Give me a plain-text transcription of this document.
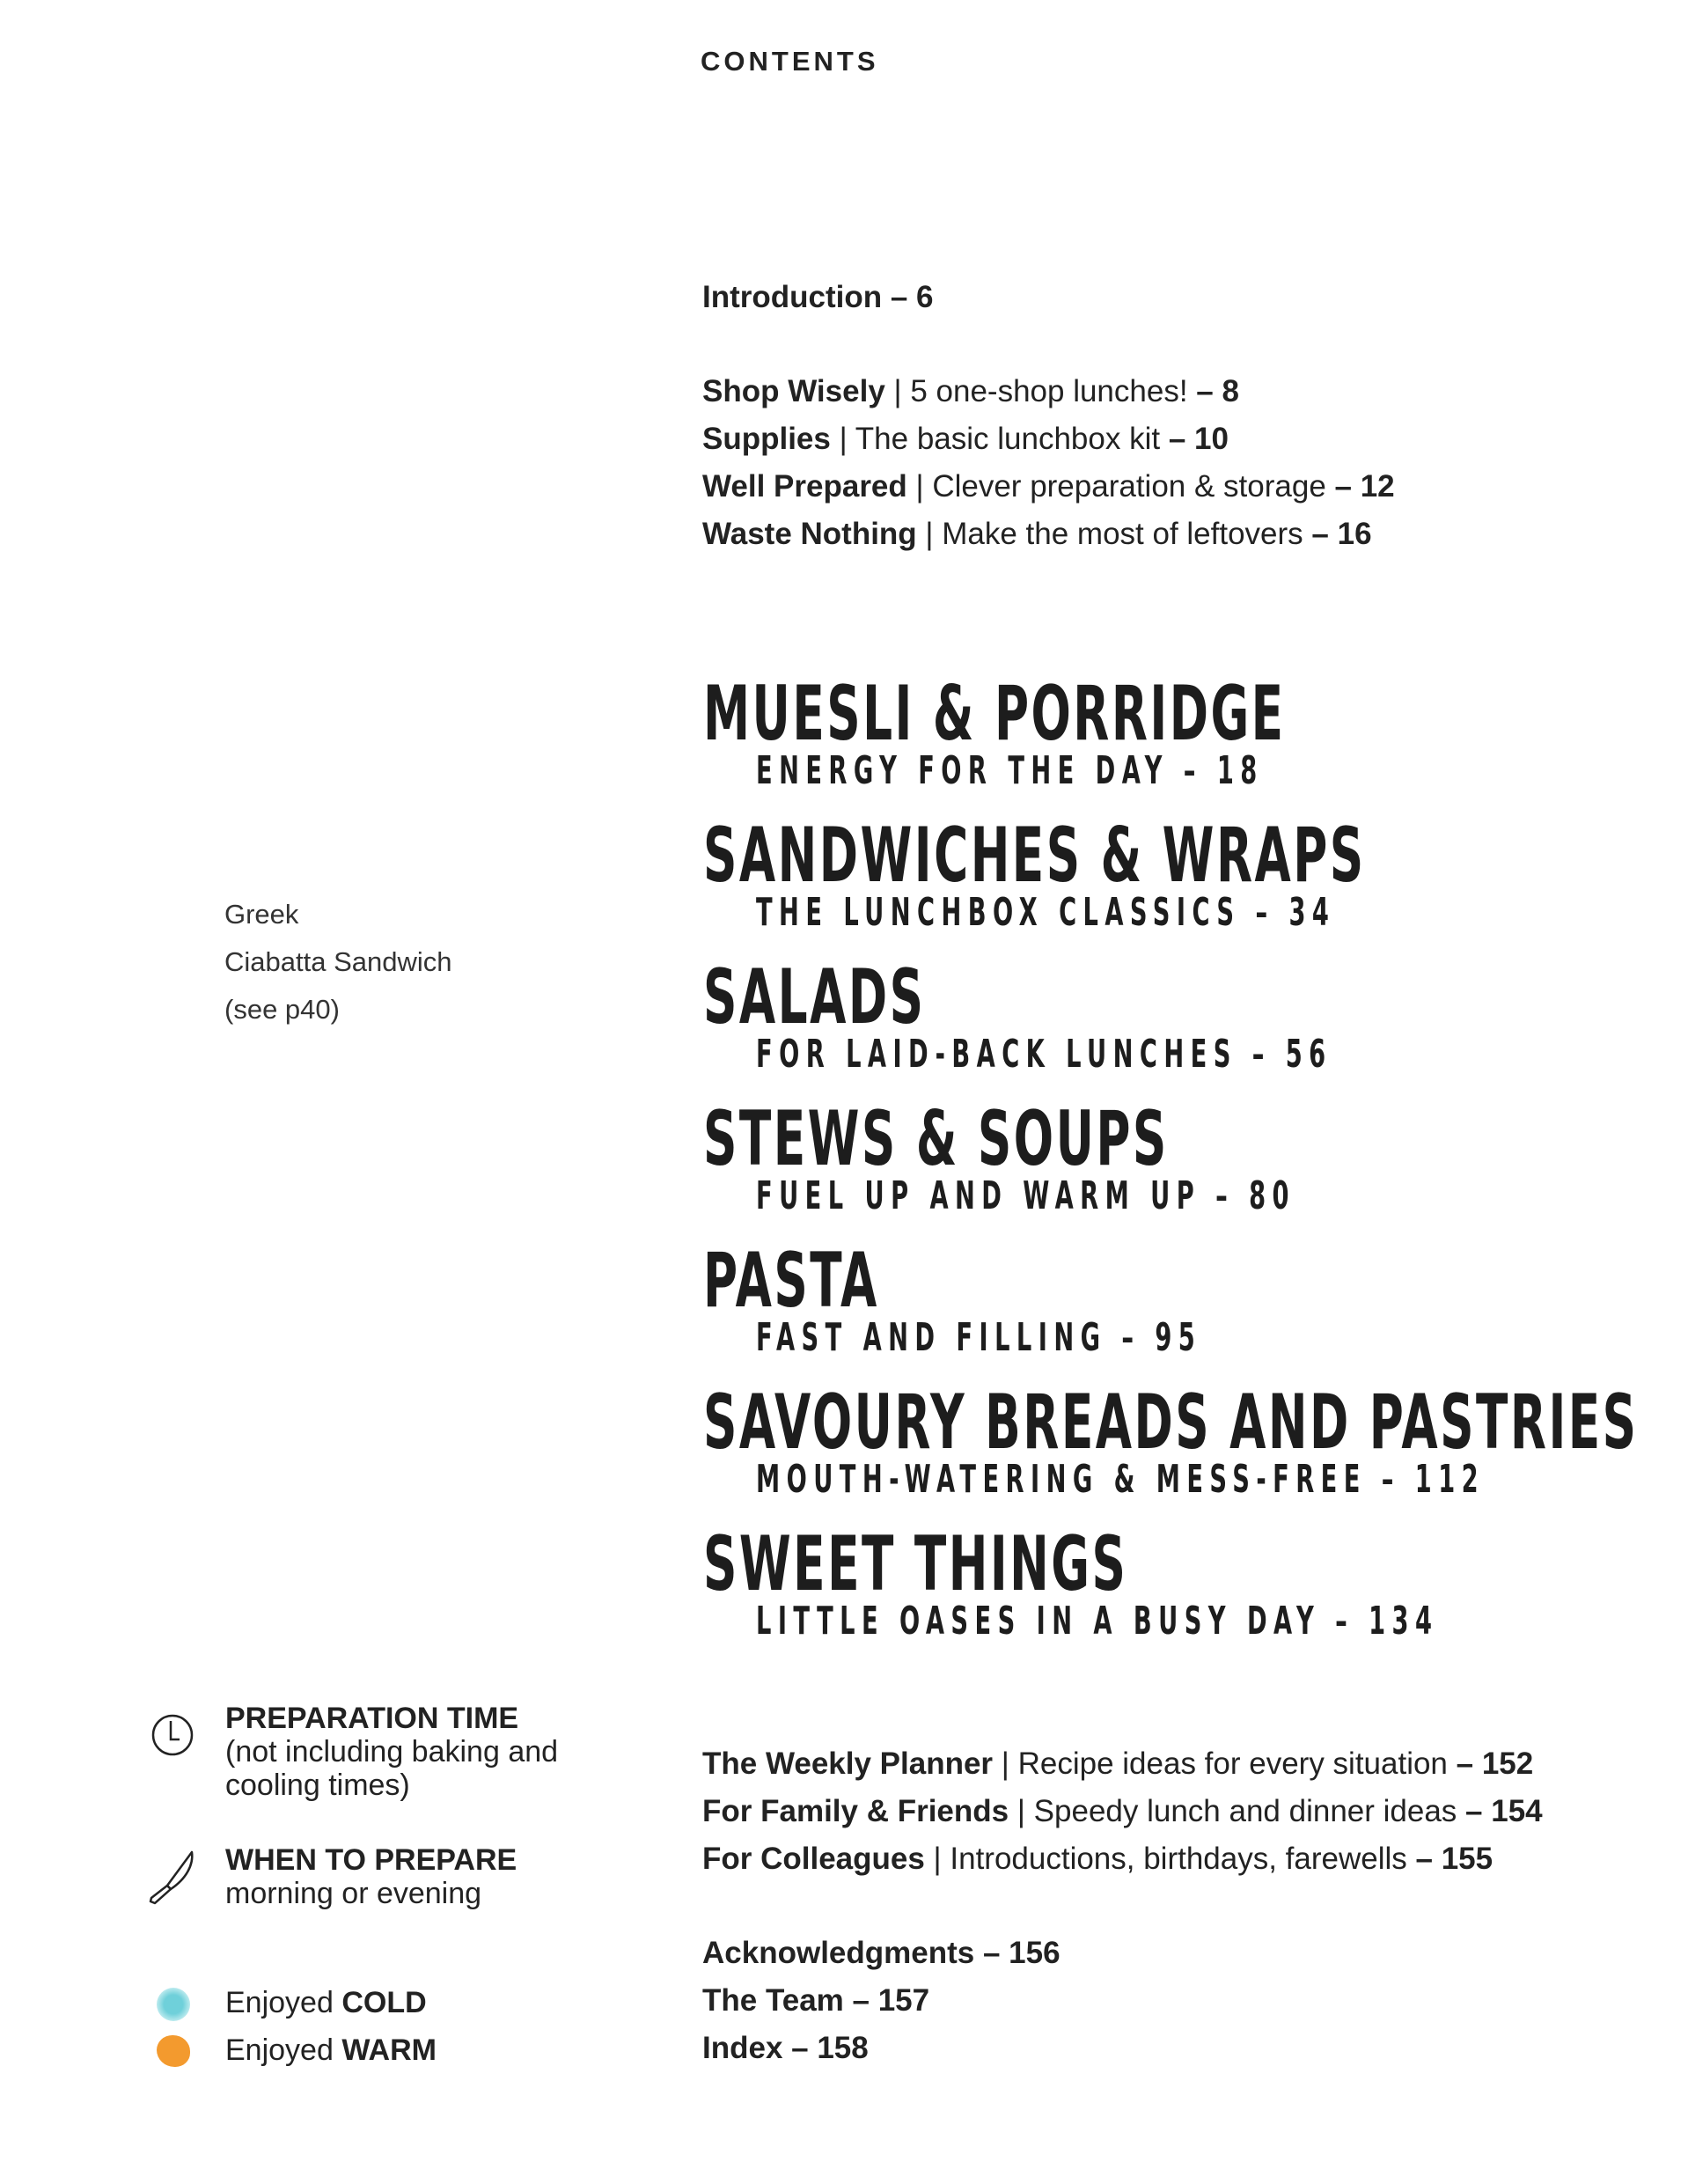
CONTENTS
Introduction – 6
Shop Wisely | 5 one-shop lunches! – 8
Supplies | The basic lunchbox kit – 10
Well Prepared | Clever preparation & storage – 12
Waste Nothing | Make the most of leftovers – 16
MUESLI & PORRIDGE
ENERGY FOR THE DAY – 18
SANDWICHES & WRAPS
THE LUNCHBOX CLASSICS – 34
SALADS
FOR LAID-BACK LUNCHES – 56
STEWS & SOUPS
FUEL UP AND WARM UP – 80
PASTA
FAST AND FILLING – 95
SAVOURY BREADS AND PASTRIES
MOUTH-WATERING & MESS-FREE – 112
SWEET THINGS
LITTLE OASES IN A BUSY DAY – 134
The Weekly Planner | Recipe ideas for every situation – 152
For Family & Friends | Speedy lunch and dinner ideas – 154
For Colleagues | Introductions, birthdays, farewells – 155
Acknowledgments – 156
The Team – 157
Index – 158
Greek
Ciabatta Sandwich
(see p40)
PREPARATION TIME
(not including baking and
cooling times)
WHEN TO PREPARE
morning or evening
Enjoyed COLD
Enjoyed WARM
